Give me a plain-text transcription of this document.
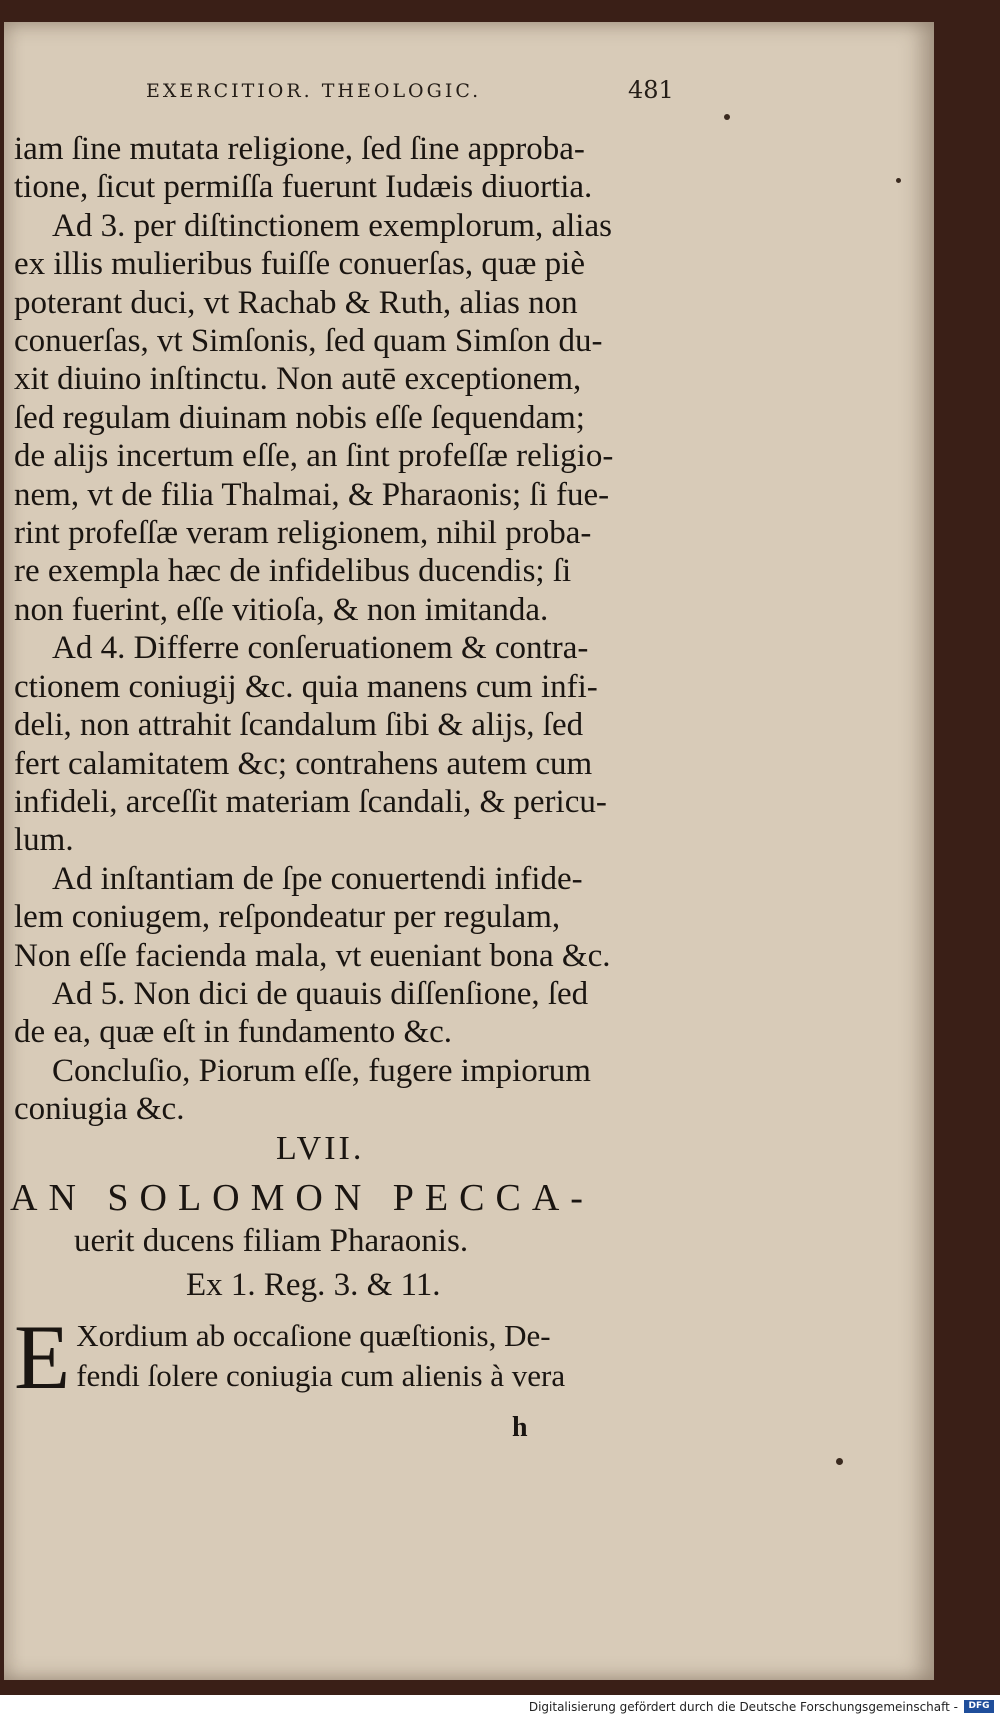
EXERCITIOR. THEOLOGIC.	481
iam ſine mutata religione, ſed ſine approba-
tione, ſicut permiſſa fuerunt Iudæis diuortia.
Ad 3. per diſtinctionem exemplorum, alias
ex illis mulieribus fuiſſe conuerſas, quæ piè
poterant duci, vt Rachab & Ruth, alias non
conuerſas, vt Simſonis, ſed quam Simſon du-
xit diuino inſtinctu. Non autē exceptionem,
ſed regulam diuinam nobis eſſe ſequendam;
de alijs incertum eſſe, an ſint profeſſæ religio-
nem, vt de filia Thalmai, & Pharaonis; ſi fue-
rint profeſſæ veram religionem, nihil proba-
re exempla hæc de infidelibus ducendis; ſi
non fuerint, eſſe vitioſa, & non imitanda.
Ad 4. Differre conſeruationem & contra-
ctionem coniugij &c. quia manens cum infi-
deli, non attrahit ſcandalum ſibi & alijs, ſed
fert calamitatem &c; contrahens autem cum
infideli, arceſſit materiam ſcandali, & pericu-
lum.
Ad inſtantiam de ſpe conuertendi infide-
lem coniugem, reſpondeatur per regulam,
Non eſſe facienda mala, vt eueniant bona &c.
Ad 5. Non dici de quauis diſſenſione, ſed
de ea, quæ eſt in fundamento &c.
Concluſio, Piorum eſſe, fugere impiorum
coniugia &c.
LVII.
AN SOLOMON PECCA-
uerit ducens filiam Pharaonis.
Ex 1. Reg. 3. & 11.
E Xordium ab occaſione quæſtionis, De-
fendi ſolere coniugia cum alienis à vera
h
Digitalisierung gefördert durch die Deutsche Forschungsgemeinschaft -	DFG
